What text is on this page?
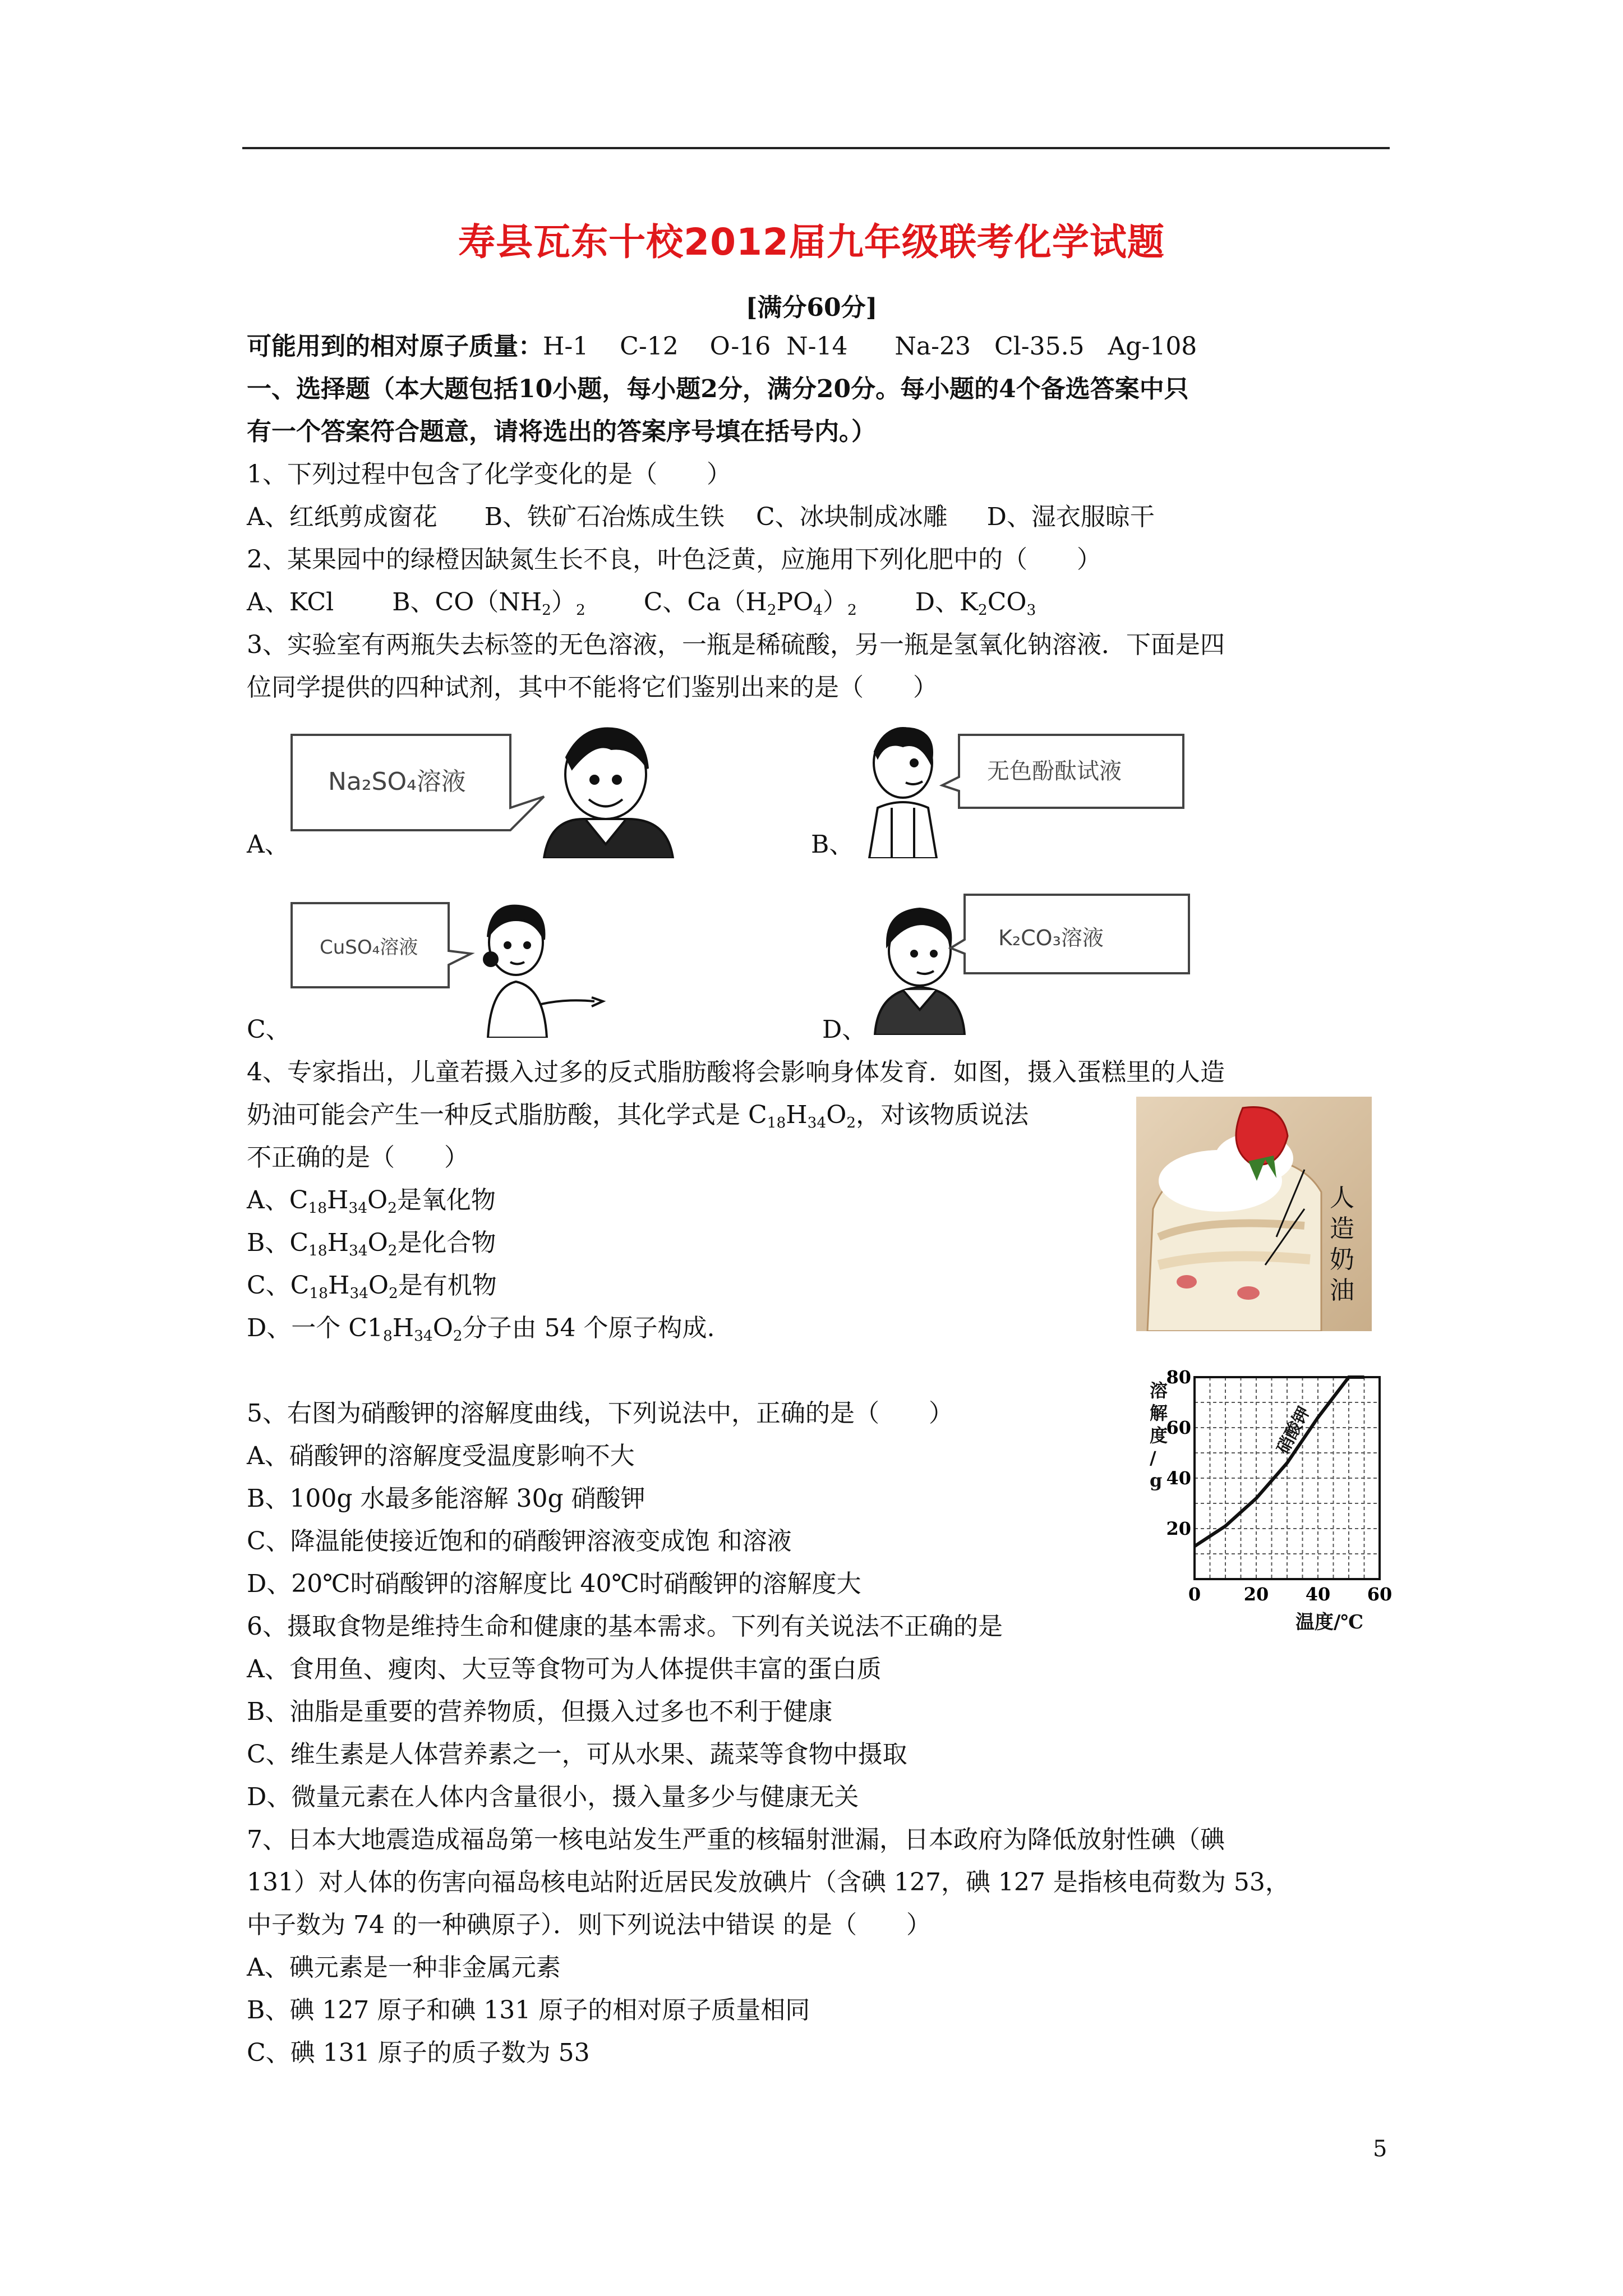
寿县瓦东十校2012届九年级联考化学试题
[满分60分]
可能用到的相对原子质量：H-1    C-12    O-16  N-14      Na-23   Cl-35.5   Ag-108
一、选择题（本大题包括10小题，每小题2分，满分20分。每小题的4个备选答案中只
有一个答案符合题意，请将选出的答案序号填在括号内。）
1、下列过程中包含了化学变化的是（　　）
A、红纸剪成窗花      B、铁矿石冶炼成生铁    C、冰块制成冰雕     D、湿衣服晾干
2、某果园中的绿橙因缺氮生长不良，叶色泛黄，应施用下列化肥中的（　　）
A、KCl B、$CO(NH_2)_2$ C、$Ca(H_2PO_4)_2$ D、$K_2CO_3$
3、实验室有两瓶失去标签的无色溶液，一瓶是稀硫酸，另一瓶是氢氧化钠溶液．下面是四
位同学提供的四种试剂，其中不能将它们鉴别出来的是（　　）
Na₂SO₄溶液
A、
无色酚酞试液
B、
CuSO₄溶液
C、
K₂CO₃溶液
D、
4、专家指出，儿童若摄入过多的反式脂肪酸将会影响身体发育．如图，摄入蛋糕里的人造
奶油可能会产生一种反式脂肪酸，其化学式是 $C_{18}H_{34}O_2$，对该物质说法
不正确的是（　　）
A、$C_{18}H_{34}O_2$是氧化物
B、$C_{18}H_{34}O_2$是化合物
C、$C_{18}H_{34}O_2$是有机物
D、一个 $C1_8H_{34}O_2$分子由 54 个原子构成.
人 造 奶 油
5、右图为硝酸钾的溶解度曲线，下列说法中，正确的是（　　）
A、硝酸钾的溶解度受温度影响不大
B、100g 水最多能溶解 30g 硝酸钾
C、降温能使接近饱和的硝酸钾溶液变成饱 和溶液
D、20℃时硝酸钾的溶解度比 40℃时硝酸钾的溶解度大	0 20 40 60
20
40
60
80
硝酸钾
溶解度/ g
温度/℃
6、摄取食物是维持生命和健康的基本需求。下列有关说法不正确的是
A、食用鱼、瘦肉、大豆等食物可为人体提供丰富的蛋白质
B、油脂是重要的营养物质，但摄入过多也不利于健康
C、维生素是人体营养素之一，可从水果、蔬菜等食物中摄取
D、微量元素在人体内含量很小，摄入量多少与健康无关
7、日本大地震造成福岛第一核电站发生严重的核辐射泄漏，日本政府为降低放射性碘（碘
131）对人体的伤害向福岛核电站附近居民发放碘片（含碘 127，碘 127 是指核电荷数为 53，
中子数为 74 的一种碘原子）．则下列说法中错误 的是（　　）
A、碘元素是一种非金属元素
B、碘 127 原子和碘 131 原子的相对原子质量相同
C、碘 131 原子的质子数为 53
5
